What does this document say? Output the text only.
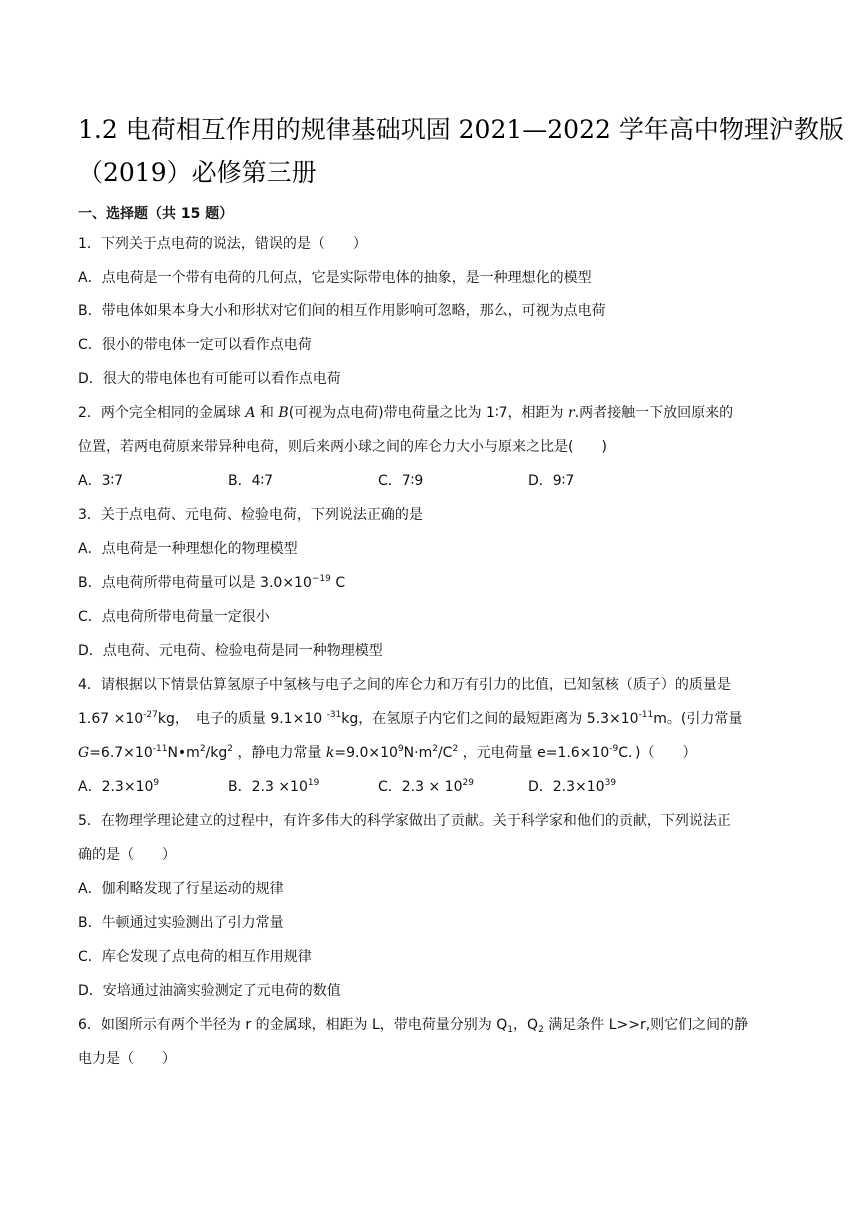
1.2 电荷相互作用的规律基础巩固 2021—2022 学年高中物理沪教版
（2019）必修第三册
一、选择题（共 15 题）
1．下列关于点电荷的说法，错误的是（　　）
A．点电荷是一个带有电荷的几何点，它是实际带电体的抽象，是一种理想化的模型
B．带电体如果本身大小和形状对它们间的相互作用影响可忽略，那么，可视为点电荷
C．很小的带电体一定可以看作点电荷
D．很大的带电体也有可能可以看作点电荷
2．两个完全相同的金属球 A 和 B(可视为点电荷)带电荷量之比为 1∶7，相距为 r.两者接触一下放回原来的
位置，若两电荷原来带异种电荷，则后来两小球之间的库仑力大小与原来之比是(　　)
A．3∶7	B．4∶7	C．7∶9	D．9∶7
3．关于点电荷、元电荷、检验电荷，下列说法正确的是
A．点电荷是一种理想化的物理模型
B．点电荷所带电荷量可以是 $3.0\times 10^{-19}$ C
C．点电荷所带电荷量一定很小
D．点电荷、元电荷、检验电荷是同一种物理模型
4．请根据以下情景估算氢原子中氢核与电子之间的库仑力和万有引力的比值，已知氢核（质子）的质量是
$1.67 \times 10^{-27}kg$，　电子的质量 9.1×10 $^{-31}$kg，在氢原子内它们之间的最短距离为 $5.3\times 10^{-11}m$。(引力常量
$G=6.7\times 10^{-11}N•m^2/kg^2$ ，静电力常量 $k=9.0\times 10^9N\cdot m^2/C^2$ ，元电荷量 $e=1.6\times 10^{-9}C$．)（　　）
A．$2.3\times 10^9$	B．$2.3 \times 10^{19}$	C．$2.3 \times 10^{29}$	D．$2.3\times 10^{39}$
5．在物理学理论建立的过程中，有许多伟大的科学家做出了贡献。关于科学家和他们的贡献，下列说法正
确的是（　　）
A．伽利略发现了行星运动的规律
B．牛顿通过实验测出了引力常量
C．库仑发现了点电荷的相互作用规律
D．安培通过油滴实验测定了元电荷的数值
6．如图所示有两个半径为 r 的金属球，相距为 L，带电荷量分别为 $Q_1$，$Q_2$ 满足条件 L>>r,则它们之间的静
电力是（　　）
